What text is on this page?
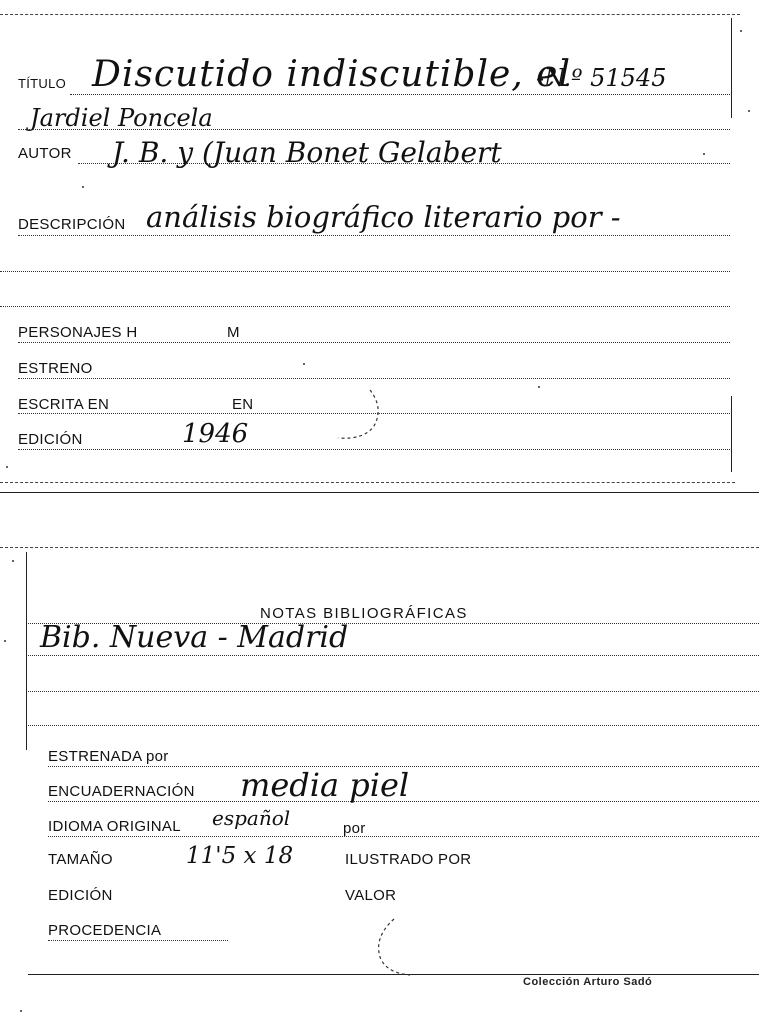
TÍTULO Discutido indiscutible, el
-N.º 51545
Jardiel Poncela
AUTOR J. B. y (Juan Bonet Gelabert
DESCRIPCIÓN análisis biográfico literario por -
PERSONAJES H	M
ESTRENO
ESCRITA EN	EN
EDICIÓN	1946
NOTAS BIBLIOGRÁFICAS
Bib. Nueva - Madrid
ESTRENADA por
ENCUADERNACIÓN media piel
IDIOMA ORIGINAL español	por
TAMAÑO	11'5 x 18	ILUSTRADO POR
EDICIÓN	VALOR
PROCEDENCIA
Colección Arturo Sadó
